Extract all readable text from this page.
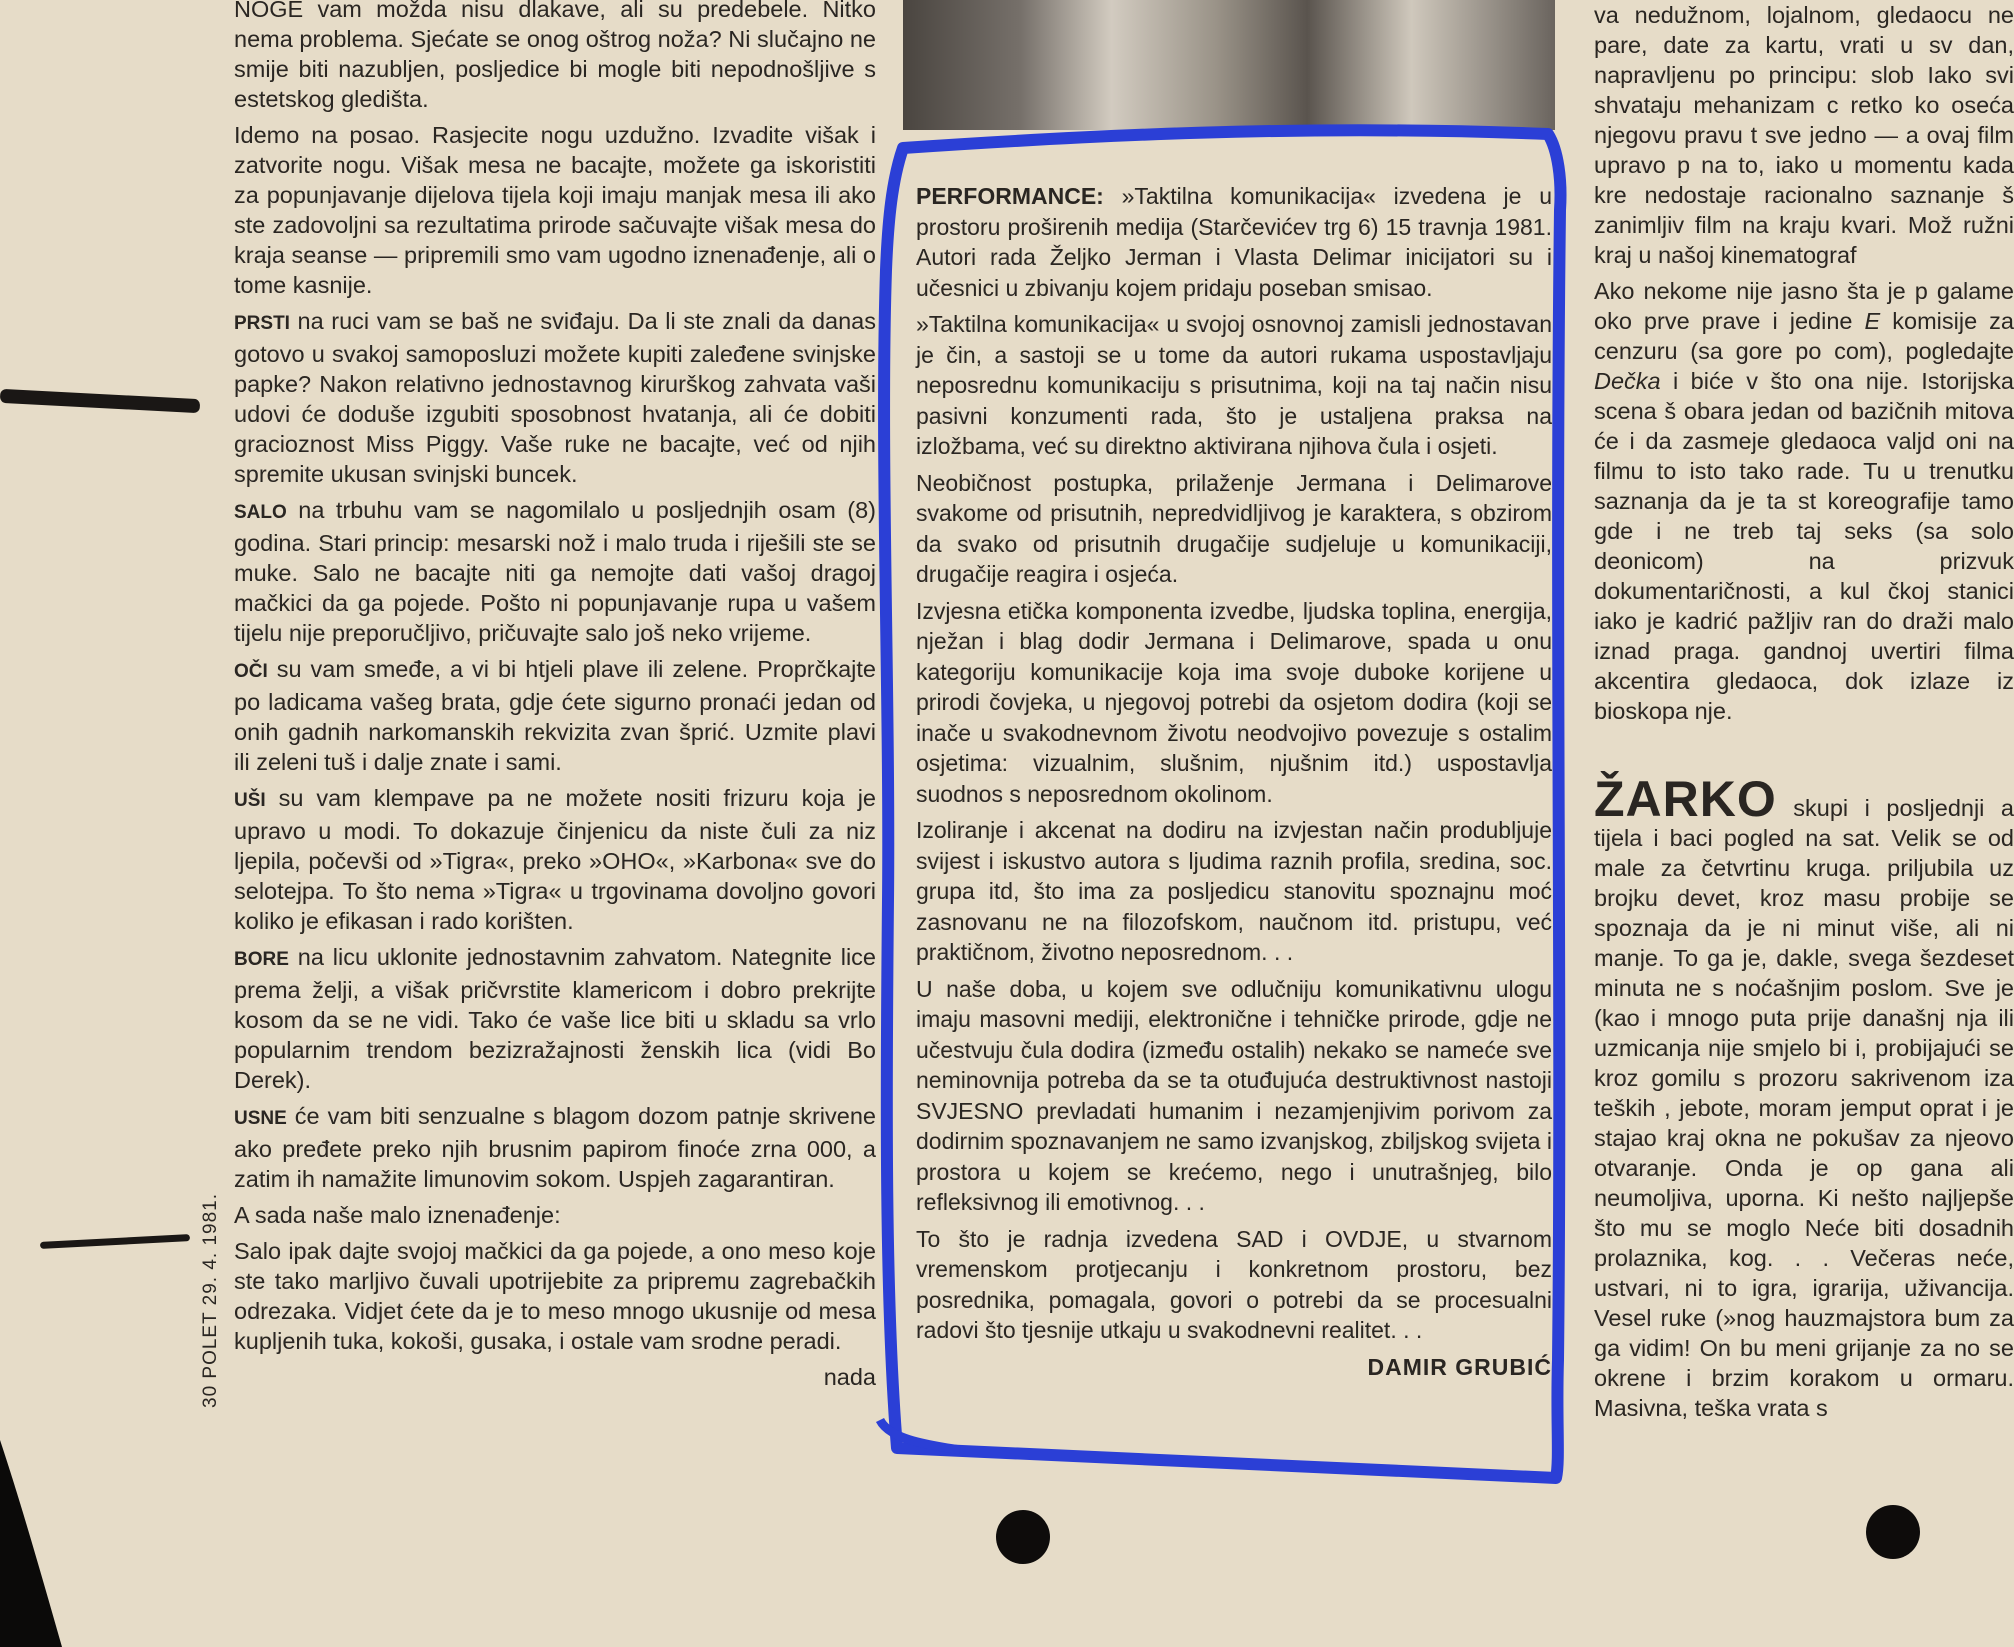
NOGE vam možda nisu dlakave, ali su predebele. Nitko nema problema. Sjećate se onog oštrog noža? Ni slučajno ne smije biti nazubljen, posljedice bi mogle biti nepodnošljive s estetskog gledišta.

Idemo na posao. Rasjecite nogu uzdužno. Izvadite višak i zatvorite nogu. Višak mesa ne bacajte, možete ga iskoristiti za popunjavanje dijelova tijela koji imaju manjak mesa ili ako ste zadovoljni sa rezultatima prirode sačuvajte višak mesa do kraja seanse — pripremili smo vam ugodno iznenađenje, ali o tome kasnije.

PRSTI na ruci vam se baš ne sviđaju. Da li ste znali da danas gotovo u svakoj samoposluzi možete kupiti zaleđene svinjske papke? Nakon relativno jednostavnog kirurškog zahvata vaši udovi će doduše izgubiti sposobnost hvatanja, ali će dobiti gracioznost Miss Piggy. Vaše ruke ne bacajte, već od njih spremite ukusan svinjski buncek.

SALO na trbuhu vam se nagomilalo u posljednjih osam (8) godina. Stari princip: mesarski nož i malo truda i riješili ste se muke. Salo ne bacajte niti ga nemojte dati vašoj dragoj mačkici da ga pojede. Pošto ni popunjavanje rupa u vašem tijelu nije preporučljivo, pričuvajte salo još neko vrijeme.

OČI su vam smeđe, a vi bi htjeli plave ili zelene. Proprčkajte po ladicama vašeg brata, gdje ćete sigurno pronaći jedan od onih gadnih narkomanskih rekvizita zvan šprić. Uzmite plavi ili zeleni tuš i dalje znate i sami.

UŠI su vam klempave pa ne možete nositi frizuru koja je upravo u modi. To dokazuje činjenicu da niste čuli za niz ljepila, počevši od »Tigra«, preko »OHO«, »Karbona« sve do selotejpa. To što nema »Tigra« u trgovinama dovoljno govori koliko je efikasan i rado korišten.

BORE na licu uklonite jednostavnim zahvatom. Nategnite lice prema želji, a višak pričvrstite klamericom i dobro prekrijte kosom da se ne vidi. Tako će vaše lice biti u skladu sa vrlo popularnim trendom bezizražajnosti ženskih lica (vidi Bo Derek).

USNE će vam biti senzualne s blagom dozom patnje skrivene ako pređete preko njih brusnim papirom finoće zrna 000, a zatim ih namažite limunovim sokom. Uspjeh zagarantiran.

A sada naše malo iznenađenje:

Salo ipak dajte svojoj mačkici da ga pojede, a ono meso koje ste tako marljivo čuvali upotrijebite za pripremu zagrebačkih odrezaka. Vidjet ćete da je to meso mnogo ukusnije od mesa kupljenih tuka, kokoši, gusaka, i ostale vam srodne peradi.

nada

30 POLET 29. 4. 1981.

PERFORMANCE: »Taktilna komunikacija« izvedena je u prostoru proširenih medija (Starčevićev trg 6) 15 travnja 1981. Autori rada Željko Jerman i Vlasta Delimar inicijatori su i učesnici u zbivanju kojem pridaju poseban smisao.

»Taktilna komunikacija« u svojoj osnovnoj zamisli jednostavan je čin, a sastoji se u tome da autori rukama uspostavljaju neposrednu komunikaciju s prisutnima, koji na taj način nisu pasivni konzumenti rada, što je ustaljena praksa na izložbama, već su direktno aktivirana njihova čula i osjeti.

Neobičnost postupka, prilaženje Jermana i Delimarove svakome od prisutnih, nepredvidljivog je karaktera, s obzirom da svako od prisutnih drugačije sudjeluje u komunikaciji, drugačije reagira i osjeća.

Izvjesna etička komponenta izvedbe, ljudska toplina, energija, nježan i blag dodir Jermana i Delimarove, spada u onu kategoriju komunikacije koja ima svoje duboke korijene u prirodi čovjeka, u njegovoj potrebi da osjetom dodira (koji se inače u svakodnevnom životu neodvojivo povezuje s ostalim osjetima: vizualnim, slušnim, njušnim itd.) uspostavlja suodnos s neposrednom okolinom.

Izoliranje i akcenat na dodiru na izvjestan način produbljuje svijest i iskustvo autora s ljudima raznih profila, sredina, soc. grupa itd, što ima za posljedicu stanovitu spoznajnu moć zasnovanu ne na filozofskom, naučnom itd. pristupu, već praktičnom, životno neposrednom. . .

U naše doba, u kojem sve odlučniju komunikativnu ulogu imaju masovni mediji, elektronične i tehničke prirode, gdje ne učestvuju čula dodira (između ostalih) nekako se nameće sve neminovnija potreba da se ta otuđujuća destruktivnost nastoji SVJESNO prevladati humanim i nezamjenjivim porivom za dodirnim spoznavanjem ne samo izvanjskog, zbiljskog svijeta i prostora u kojem se krećemo, nego i unutrašnjeg, bilo refleksivnog ili emotivnog. . .

To što je radnja izvedena SAD i OVDJE, u stvarnom vremenskom protjecanju i konkretnom prostoru, bez posrednika, pomagala, govori o potrebi da se procesualni radovi što tjesnije utkaju u svakodnevni realitet. . .

DAMIR GRUBIĆ

va nedužnom, lojalnom, gledaocu ne pare, date za kartu, vrati u sv dan, napravljenu po principu: slob Iako svi shvataju mehanizam c retko ko oseća njegovu pravu t sve jedno — a ovaj film upravo p na to, iako u momentu kada kre nedostaje racionalno saznanje š zanimljiv film na kraju kvari. Mož ružni kraj u našoj kinematograf

Ako nekome nije jasno šta je p galame oko prve prave i jedine E komisije za cenzuru (sa gore po com), pogledajte Dečka i biće v što ona nije. Istorijska scena š obara jedan od bazičnih mitova će i da zasmeje gledaoca valjd oni na filmu to isto tako rade. Tu u trenutku saznanja da je ta st koreografije tamo gde i ne treb taj seks (sa solo deonicom) na prizvuk dokumentaričnosti, a kul čkoj stanici iako je kadrić pažljiv ran do draži malo iznad praga. gandnoj uvertiri filma akcentira gledaoca, dok izlaze iz bioskopa nje.

ŽARKO skupi i posljednji a tijela i baci pogled na sat. Velik se od male za četvrtinu kruga. priljubila uz brojku devet, kroz masu probije se spoznaja da je ni minut više, ali ni manje. To ga je, dakle, svega šezdeset minuta ne s noćašnjim poslom. Sve je (kao i mnogo puta prije današnj nja ili uzmicanja nije smjelo bi i, probijajući se kroz gomilu s prozoru sakrivenom iza teških , jebote, moram jemput oprat i je stajao kraj okna ne pokušav za njeovo otvaranje. Onda je op gana ali neumoljiva, uporna. Ki nešto najljepše što mu se moglo Neće biti dosadnih prolaznika, kog. . . Večeras neće, ustvari, ni to igra, igrarija, uživancija. Vesel ruke (»nog hauzmajstora bum za ga vidim! On bu meni grijanje za no se okrene i brzim korakom u ormaru. Masivna, teška vrata s
